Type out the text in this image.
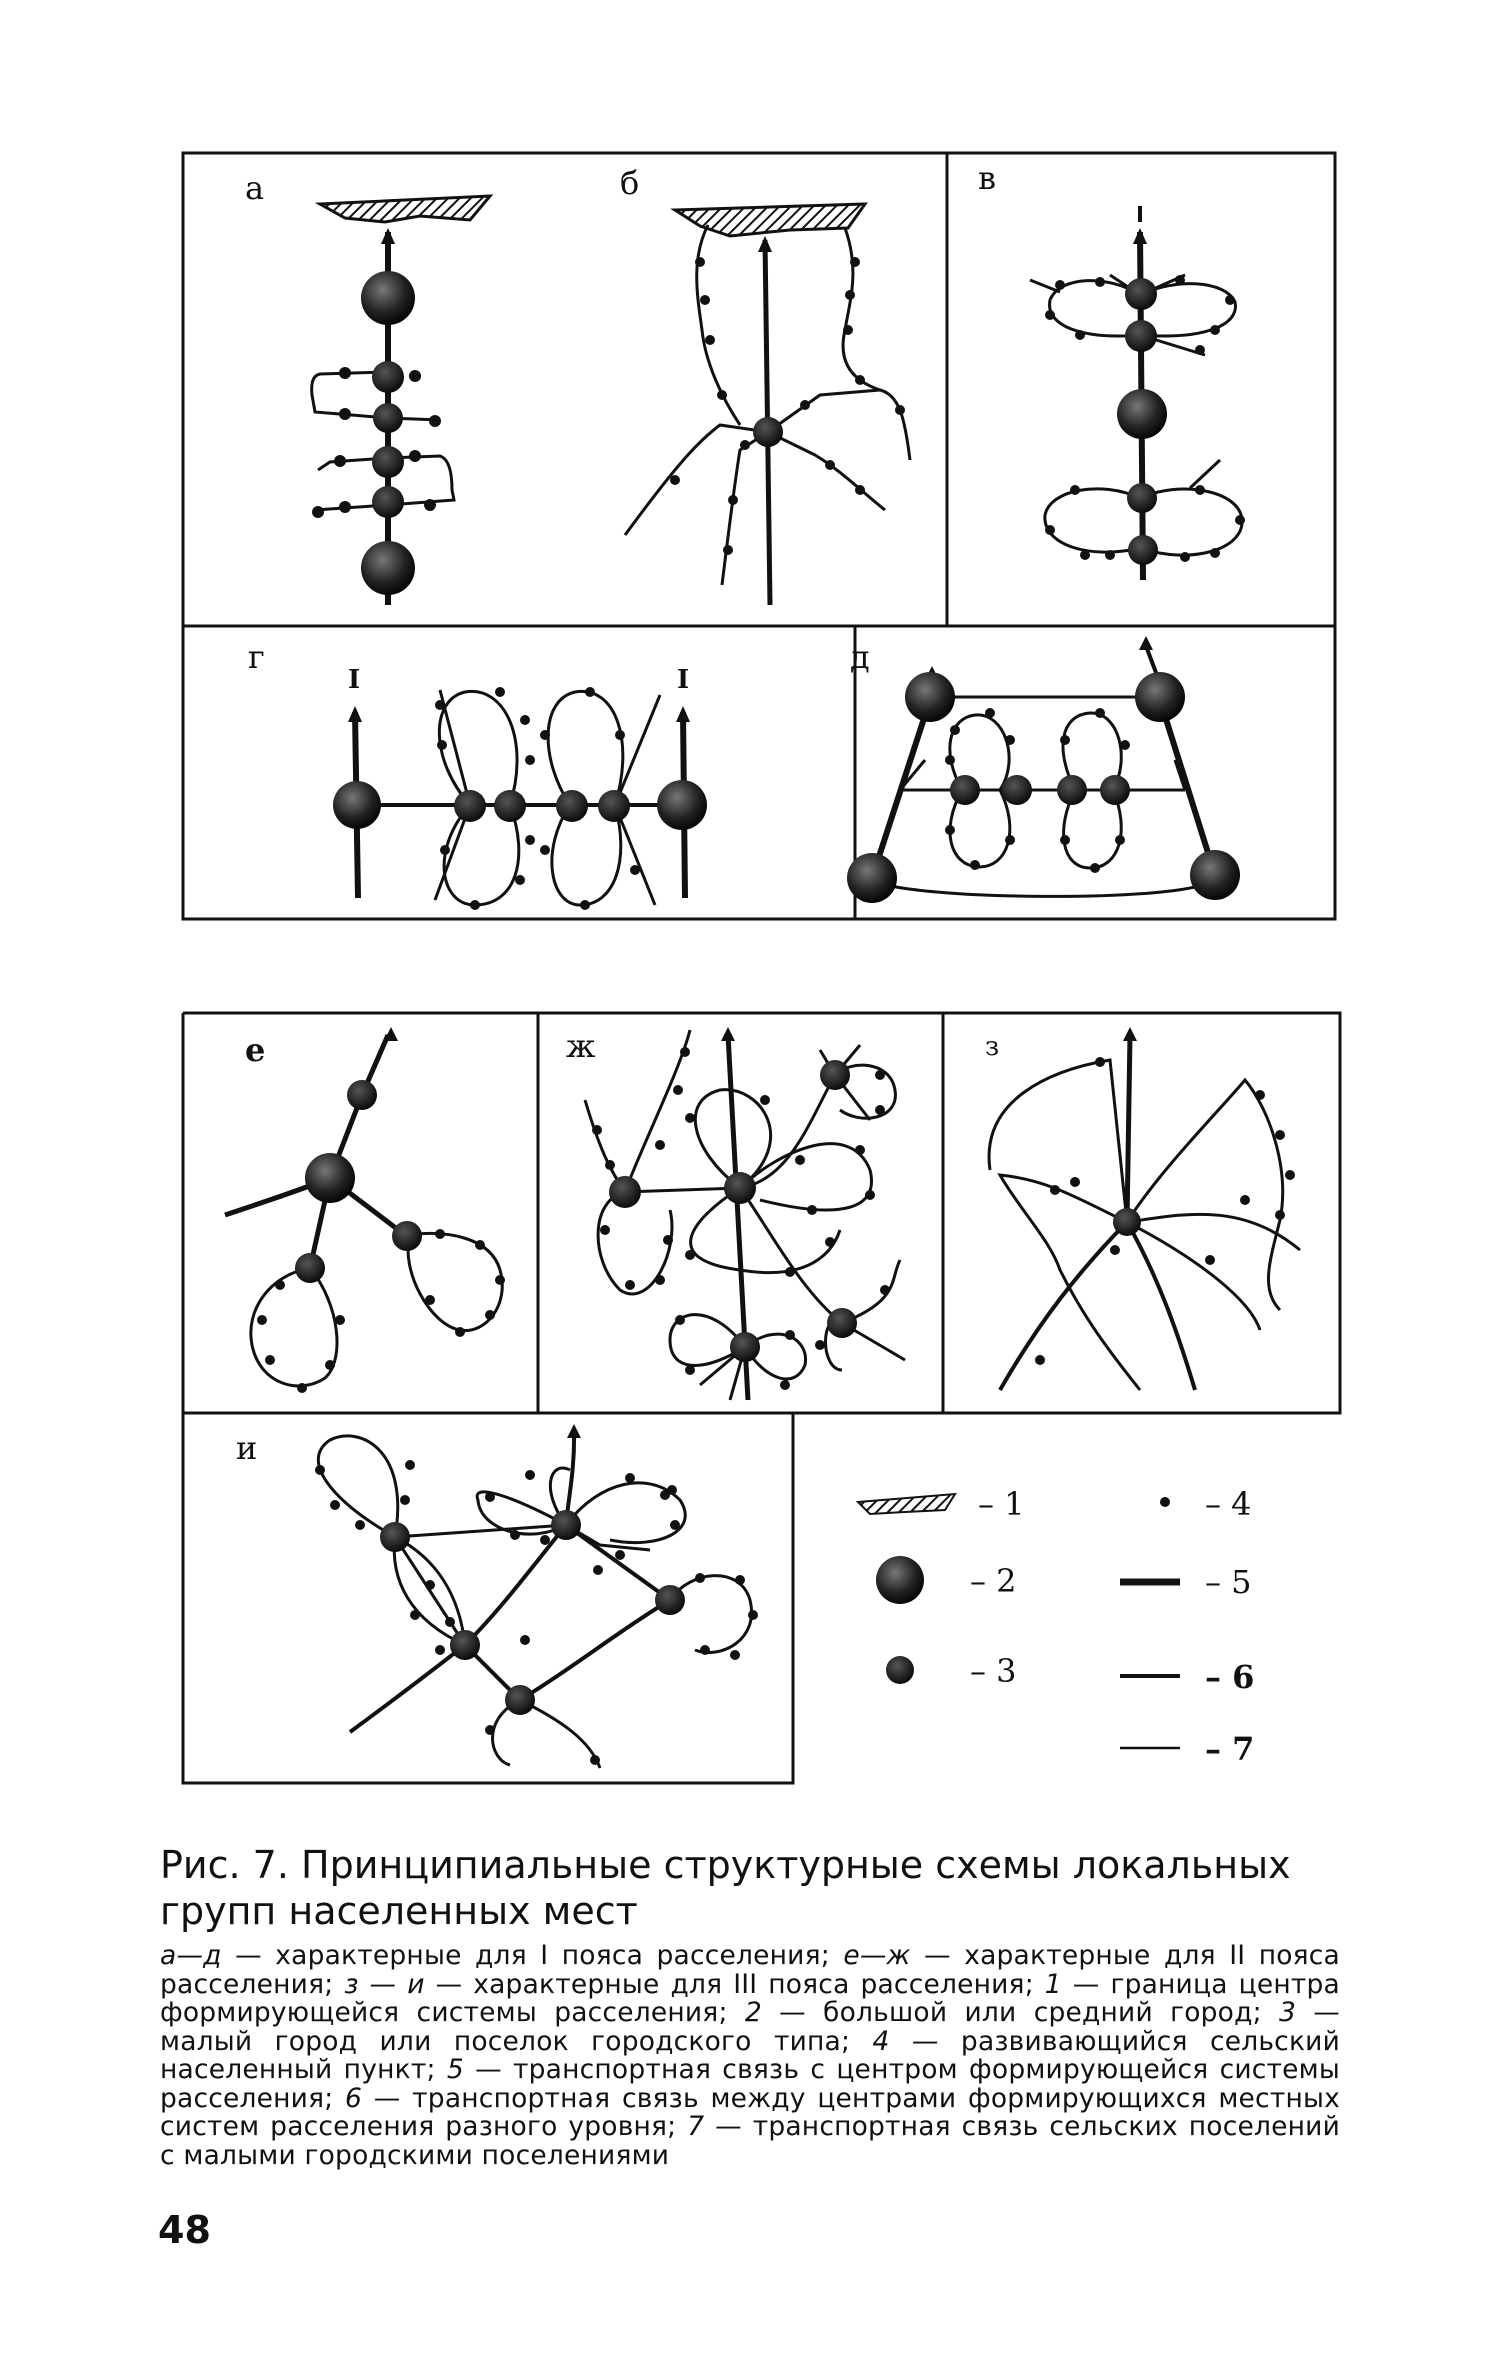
а	б	в
г	д
е	ж	з
и
I	I
– 1
– 2
– 3
– 4
– 5
– 6
– 7
Рис. 7. Принципиальные структурные схемы локальных групп населенных мест
а—д — характерные для I пояса расселения; е—ж — характерные для II пояса расселения; з — и — характерные для III пояса расселения; 1 — граница центра формирующейся системы расселения; 2 — большой или средний город; 3 — малый город или поселок городского типа; 4 — развивающийся сельский населенный пункт; 5 — транспортная связь с центром формирующейся системы расселения; 6 — транспортная связь между центрами формирующихся местных систем расселения разного уровня; 7 — транспортная связь сельских поселений с малыми городскими поселениями
48
